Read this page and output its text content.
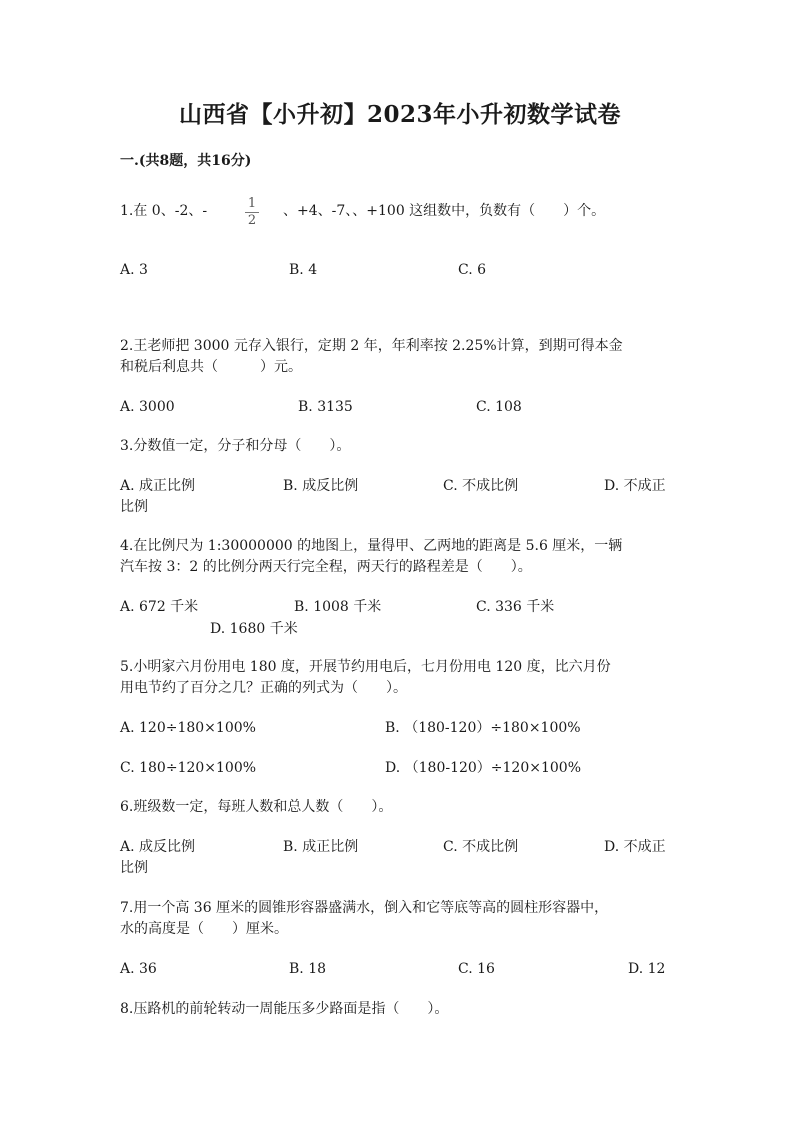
山西省【小升初】2023年小升初数学试卷
一.(共8题，共16分)
1.在 0、-2、-	1
2
、+4、-7、、+100 这组数中，负数有（　　）个。
A. 3	B. 4	C. 6
2.王老师把 3000 元存入银行，定期 2 年，年利率按 2.25%计算，到期可得本金
和税后利息共（　　　）元。
A. 3000	B. 3135	C. 108
3.分数值一定，分子和分母（　　）。
A. 成正比例	B. 成反比例	C. 不成比例	D. 不成正
比例
4.在比例尺为 1:30000000 的地图上，量得甲、乙两地的距离是 5.6 厘米，一辆
汽车按 3：2 的比例分两天行完全程，两天行的路程差是（　　）。
A. 672 千米	B. 1008 千米	C. 336 千米
D. 1680 千米
5.小明家六月份用电 180 度，开展节约用电后，七月份用电 120 度，比六月份
用电节约了百分之几？正确的列式为（　　）。
A. 120÷180×100%	B. （180-120）÷180×100%
C. 180÷120×100%	D. （180-120）÷120×100%
6.班级数一定，每班人数和总人数（　　）。
A. 成反比例	B. 成正比例	C. 不成比例	D. 不成正
比例
7.用一个高 36 厘米的圆锥形容器盛满水，倒入和它等底等高的圆柱形容器中，
水的高度是（　　）厘米。
A. 36	B. 18	C. 16	D. 12
8.压路机的前轮转动一周能压多少路面是指（　　）。
